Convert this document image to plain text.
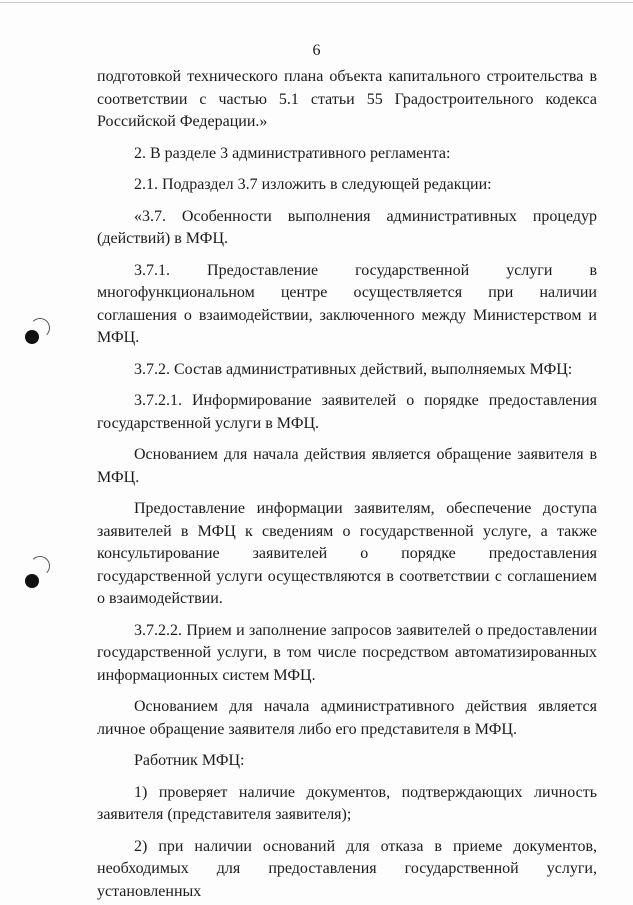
6

подготовкой технического плана объекта капитального строительства в соответствии с частью 5.1 статьи 55 Градостроительного кодекса Российской Федерации.»

2. В разделе 3 административного регламента:

2.1. Подраздел 3.7 изложить в следующей редакции:

«3.7. Особенности выполнения административных процедур (действий) в МФЦ.

3.7.1. Предоставление государственной услуги в многофункциональном центре осуществляется при наличии соглашения о взаимодействии, заключенного между Министерством и МФЦ.

3.7.2. Состав административных действий, выполняемых МФЦ:

3.7.2.1. Информирование заявителей о порядке предоставления государственной услуги в МФЦ.

Основанием для начала действия является обращение заявителя в МФЦ.

Предоставление информации заявителям, обеспечение доступа заявителей в МФЦ к сведениям о государственной услуге, а также консультирование заявителей о порядке предоставления государственной услуги осуществляются в соответствии с соглашением о взаимодействии.

3.7.2.2. Прием и заполнение запросов заявителей о предоставлении государственной услуги, в том числе посредством автоматизированных информационных систем МФЦ.

Основанием для начала административного действия является личное обращение заявителя либо его представителя в МФЦ.

Работник МФЦ:

1) проверяет наличие документов, подтверждающих личность заявителя (представителя заявителя);

2) при наличии оснований для отказа в приеме документов, необходимых для предоставления государственной услуги, установленных
